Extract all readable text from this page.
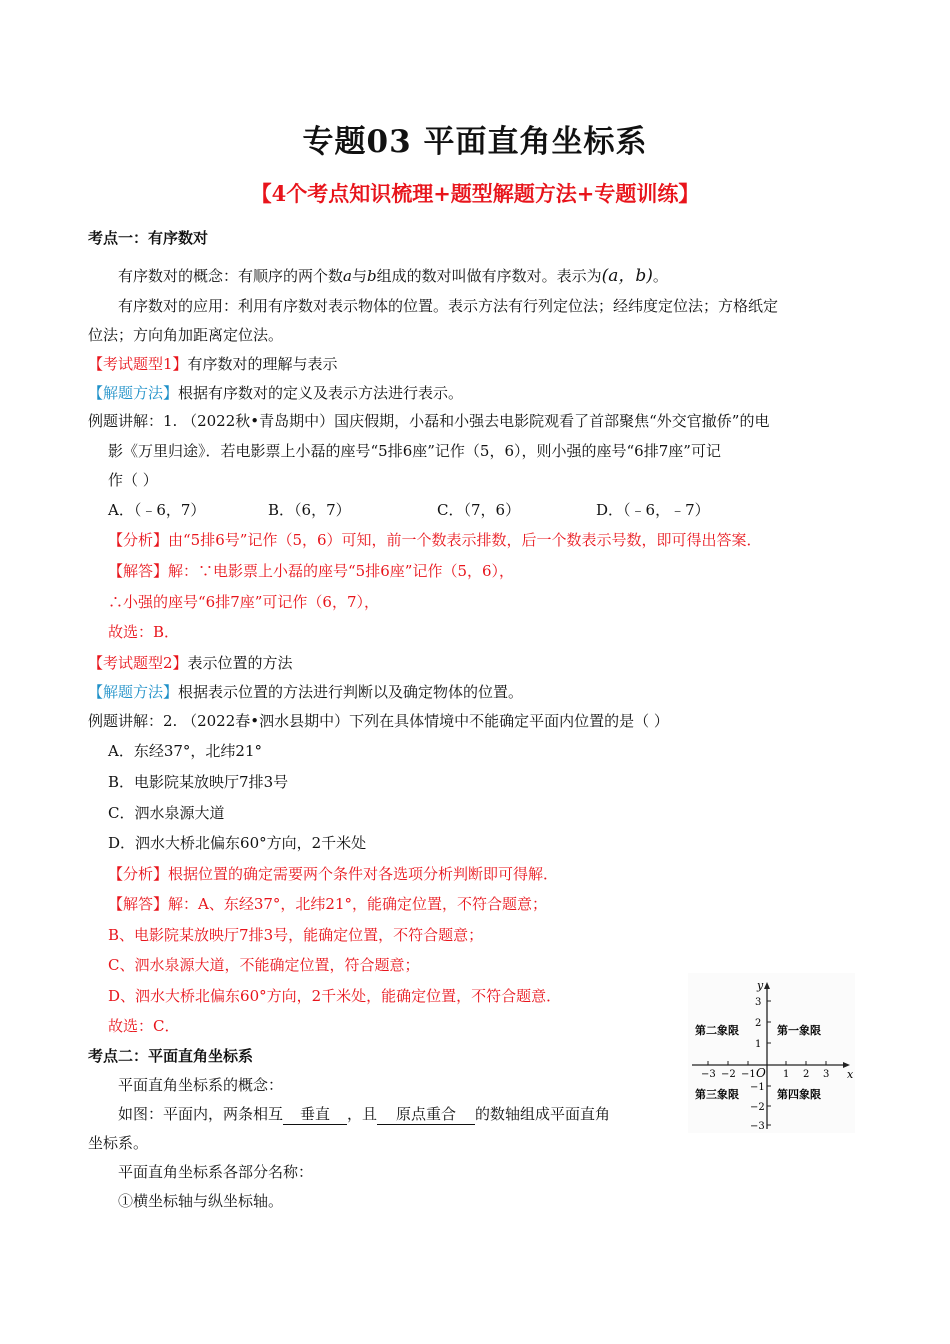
专题03 平面直角坐标系
【4个考点知识梳理+题型解题方法+专题训练】
考点一：有序数对
有序数对的概念：有顺序的两个数a与b组成的数对叫做有序数对。表示为(a，b)。
有序数对的应用：利用有序数对表示物体的位置。表示方法有行列定位法；经纬度定位法；方格纸定
位法；方向角加距离定位法。
【考试题型1】有序数对的理解与表示
【解题方法】根据有序数对的定义及表示方法进行表示。
例题讲解：1. （2022秋•青岛期中）国庆假期，小磊和小强去电影院观看了首部聚焦“外交官撤侨”的电
影《万里归途》．若电影票上小磊的座号“5排6座”记作（5，6），则小强的座号“6排7座”可记
作（ ）
A．（﹣6，7）	B．（6，7）	C．（7，6）	D．（﹣6，﹣7）
【分析】由“5排6号”记作（5，6）可知，前一个数表示排数，后一个数表示号数，即可得出答案．
【解答】解：∵电影票上小磊的座号“5排6座”记作（5，6），
∴小强的座号“6排7座”可记作（6，7），
故选：B．
【考试题型2】表示位置的方法
【解题方法】根据表示位置的方法进行判断以及确定物体的位置。
例题讲解：2. （2022春•泗水县期中）下列在具体情境中不能确定平面内位置的是（ ）
A．东经37°，北纬21°
B．电影院某放映厅7排3号
C．泗水泉源大道
D．泗水大桥北偏东60°方向，2千米处
【分析】根据位置的确定需要两个条件对各选项分析判断即可得解．
【解答】解：A、东经37°，北纬21°，能确定位置，不符合题意；
B、电影院某放映厅7排3号，能确定位置，不符合题意；
C、泗水泉源大道，不能确定位置，符合题意；
D、泗水大桥北偏东60°方向，2千米处，能确定位置，不符合题意．
故选：C．
考点二：平面直角坐标系
平面直角坐标系的概念：
如图：平面内，两条相互 垂直 ，且 原点重合 的数轴组成平面直角
坐标系。
平面直角坐标系各部分名称：
①横坐标轴与纵坐标轴。
x
y
O
−3 −2 −1	1 2 3
3
2
1
−1
−2
−3
第一象限
第二象限
第三象限	第四象限
